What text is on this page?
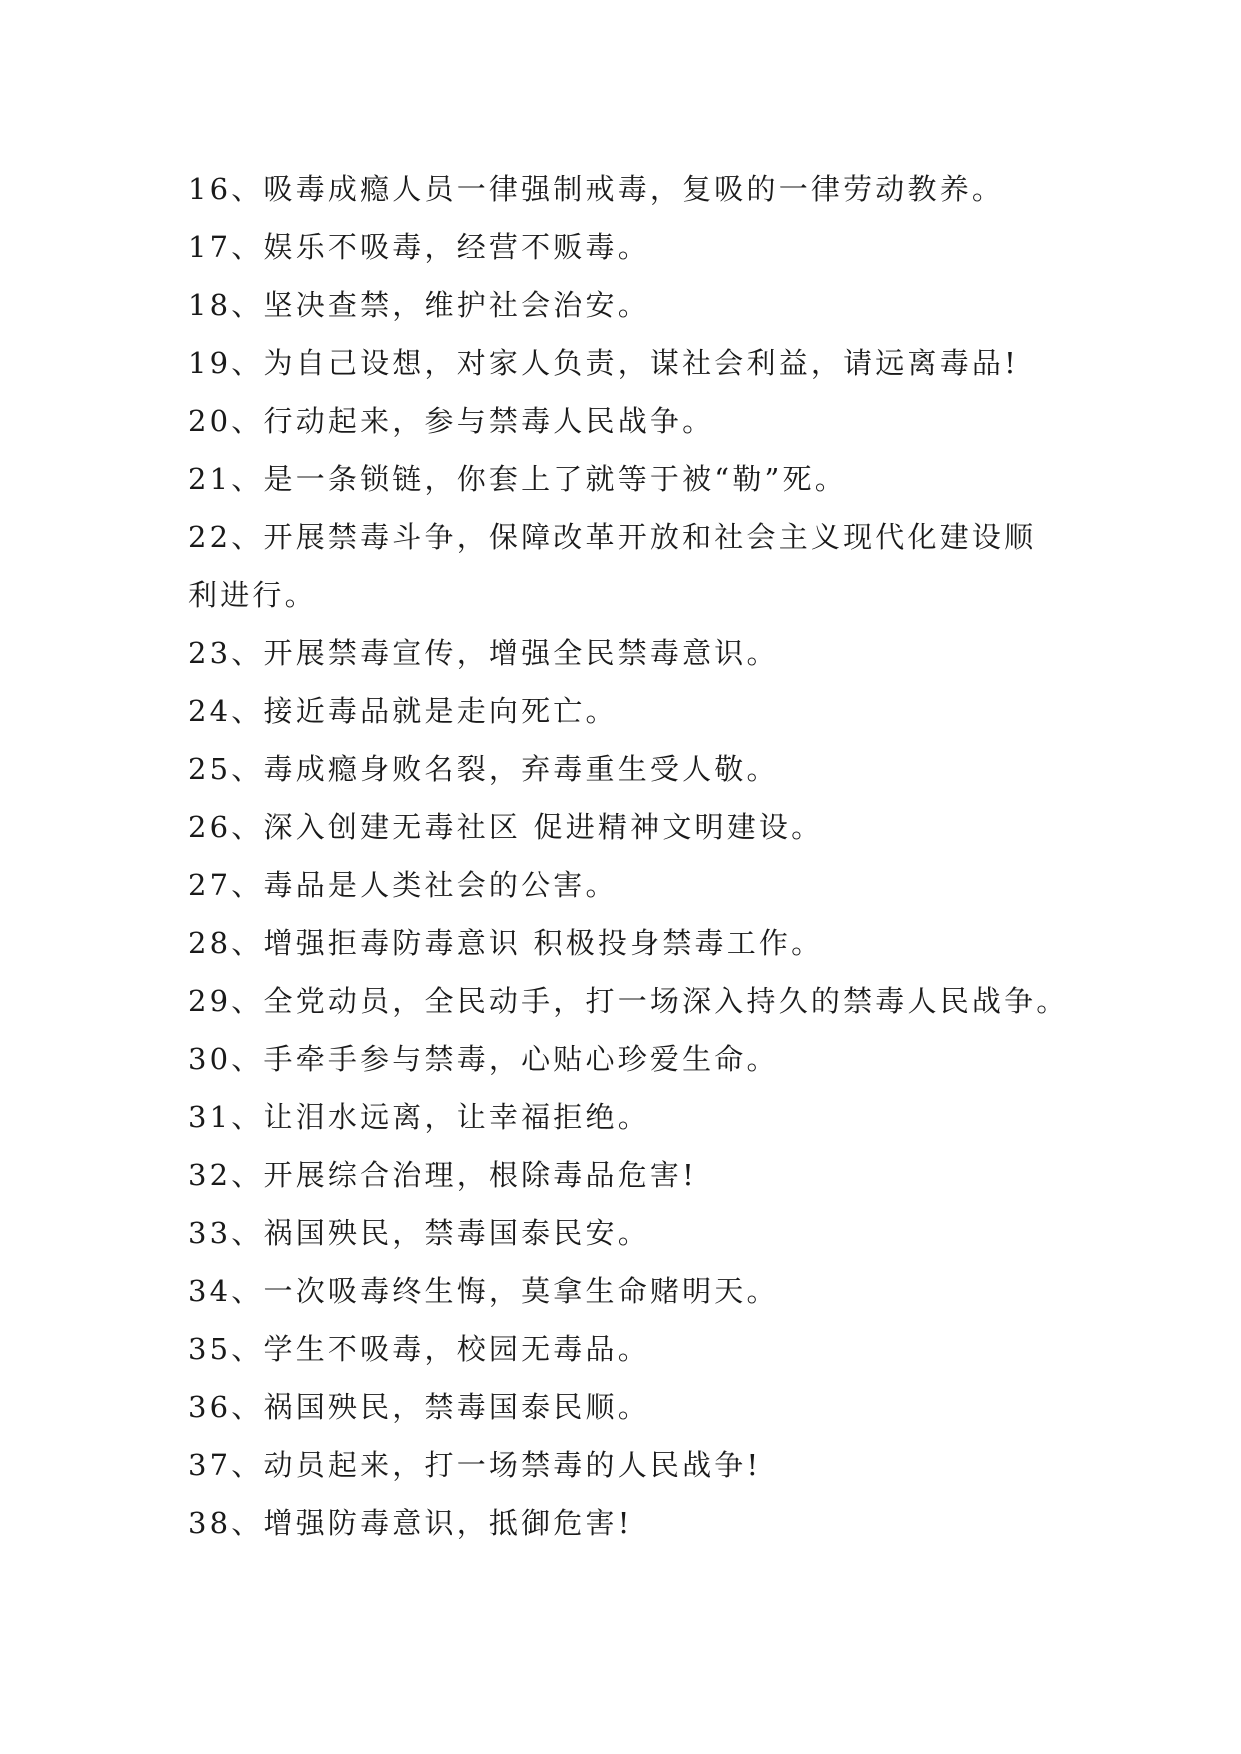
16、吸毒成瘾人员一律强制戒毒，复吸的一律劳动教养。
17、娱乐不吸毒，经营不贩毒。
18、坚决查禁，维护社会治安。
19、为自己设想，对家人负责，谋社会利益，请远离毒品!
20、行动起来，参与禁毒人民战争。
21、是一条锁链，你套上了就等于被“勒”死。
22、开展禁毒斗争，保障改革开放和社会主义现代化建设顺
利进行。
23、开展禁毒宣传，增强全民禁毒意识。
24、接近毒品就是走向死亡。
25、毒成瘾身败名裂，弃毒重生受人敬。
26、深入创建无毒社区 促进精神文明建设。
27、毒品是人类社会的公害。
28、增强拒毒防毒意识 积极投身禁毒工作。
29、全党动员，全民动手，打一场深入持久的禁毒人民战争。
30、手牵手参与禁毒，心贴心珍爱生命。
31、让泪水远离，让幸福拒绝。
32、开展综合治理，根除毒品危害!
33、祸国殃民，禁毒国泰民安。
34、一次吸毒终生悔，莫拿生命赌明天。
35、学生不吸毒，校园无毒品。
36、祸国殃民，禁毒国泰民顺。
37、动员起来，打一场禁毒的人民战争!
38、增强防毒意识，抵御危害!
